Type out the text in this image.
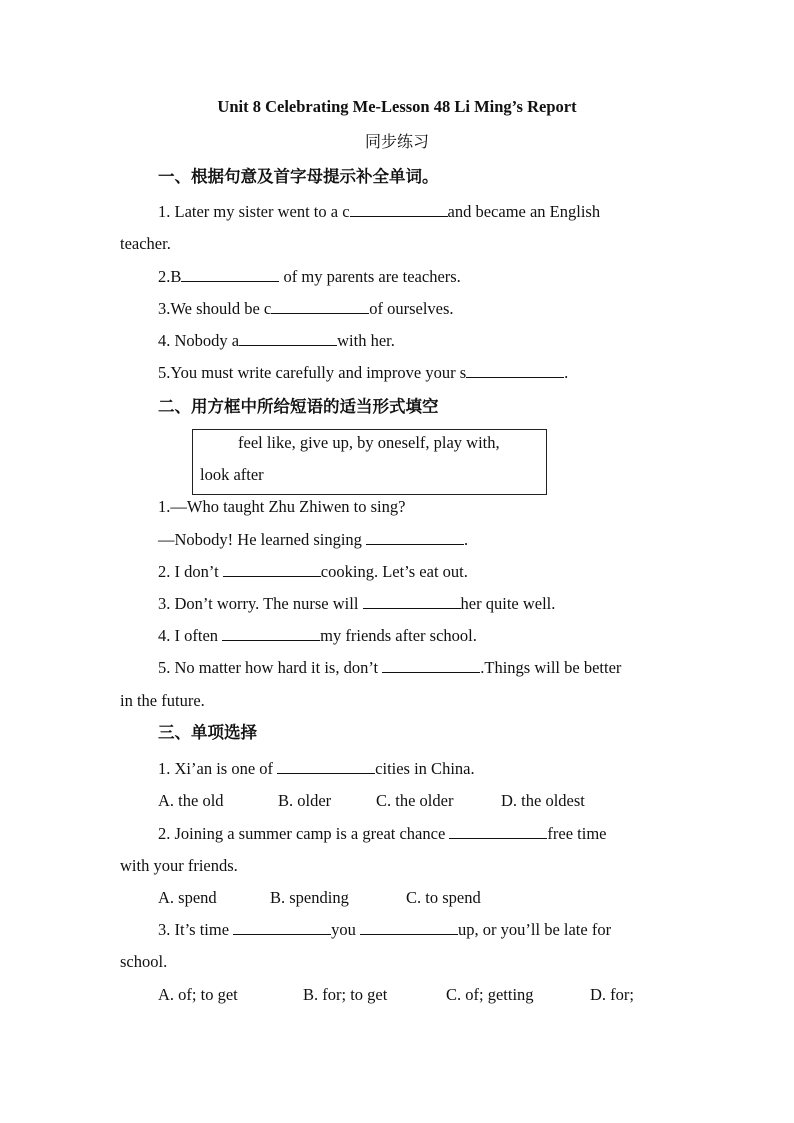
Unit 8 Celebrating Me-Lesson 48 Li Ming’s Report
同步练习
一、根据句意及首字母提示补全单词。
1. Later my sister went to a c	and became an English
teacher.
2.B	of my parents are teachers.
3.We should be c	of ourselves.
4. Nobody a	with her.
5.You must write carefully and improve your s	.
二、用方框中所给短语的适当形式填空
feel like, give up, by oneself, play with,
look after
1.—Who taught Zhu Zhiwen to sing?
—Nobody! He learned singing	.
2. I don’t	cooking. Let’s eat out.
3. Don’t worry. The nurse will	her quite well.
4. I often	my friends after school.
5. No matter how hard it is, don’t	.Things will be better
in the future.
三、单项选择
1. Xi’an is one of	cities in China.
A. the old	B. older	C. the older	D. the oldest
2. Joining a summer camp is a great chance	free time
with your friends.
A. spend	B. spending	C. to spend
3. It’s time	you	up, or you’ll be late for
school.
A. of; to get	B. for; to get	C. of; getting	D. for;
